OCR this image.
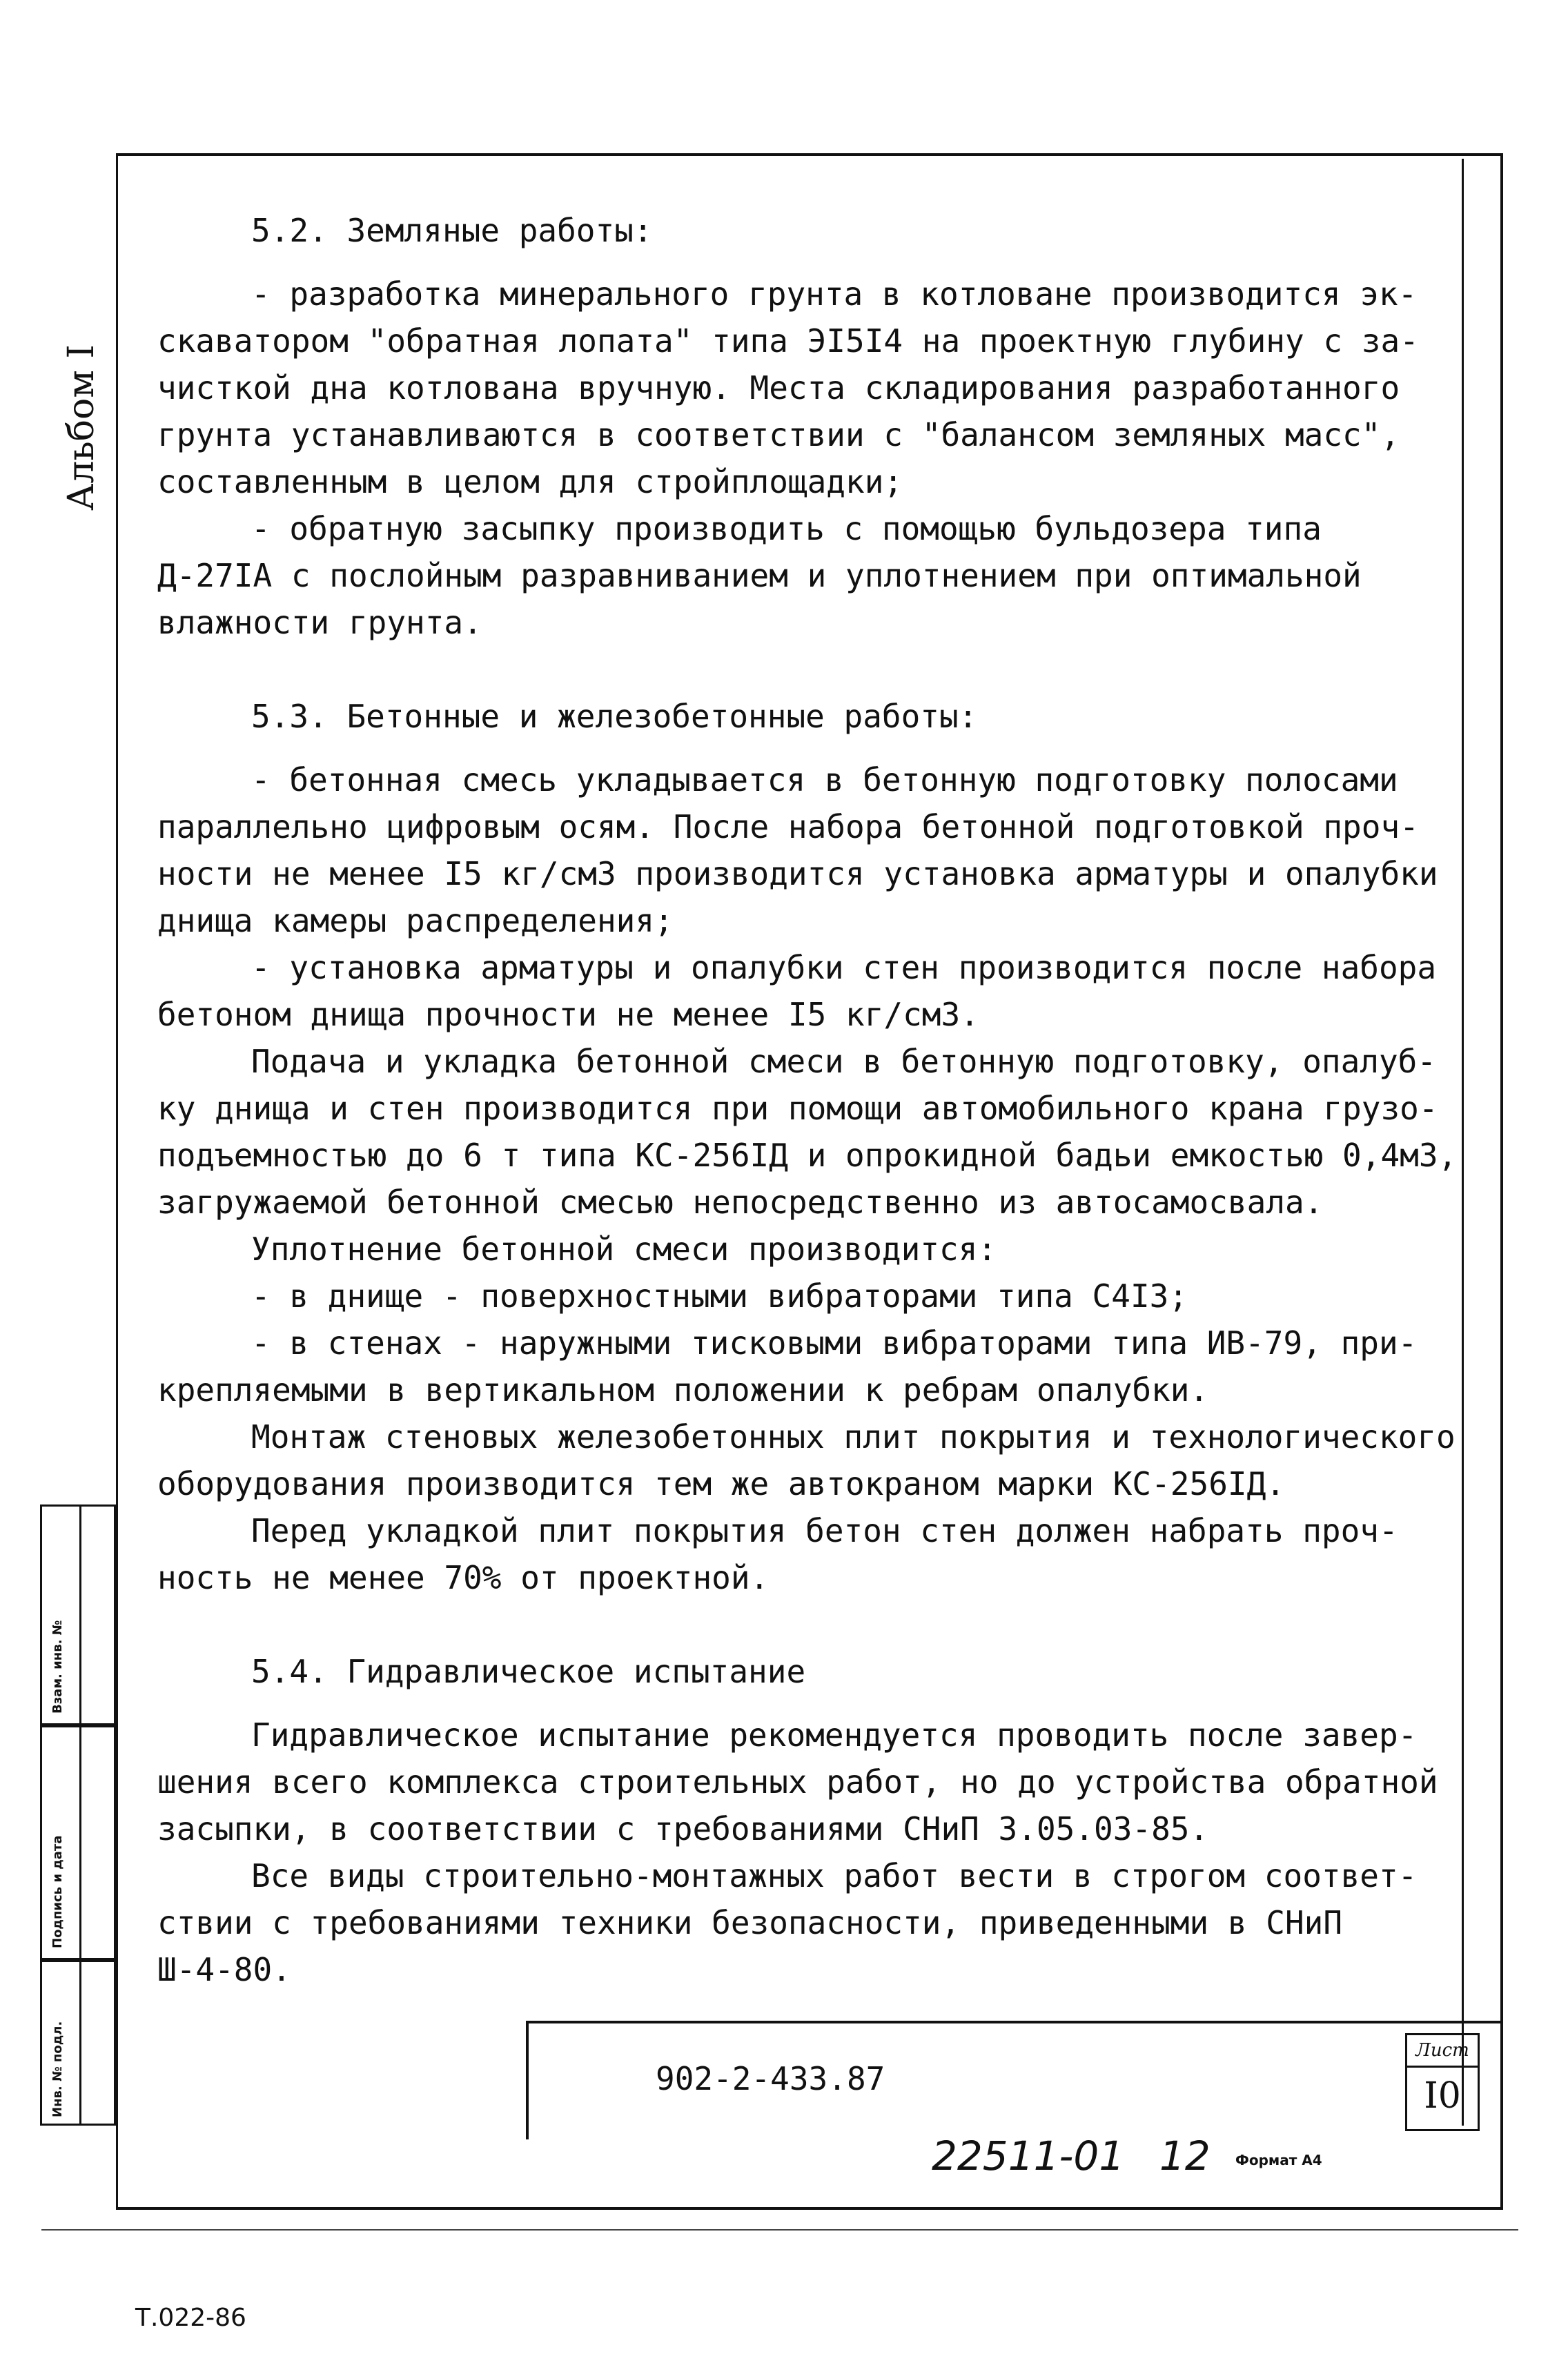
Альбом I

5.2. Земляные работы:

- разработка минерального грунта в котловане производится эк-

скаватором "обратная лопата" типа ЭI5I4 на проектную глубину с за-

чисткой дна котлована вручную. Места складирования разработанного

грунта устанавливаются в соответствии с "балансом земляных масс",

составленным в целом для стройплощадки;

- обратную засыпку производить с помощью бульдозера типа

Д-27IA с послойным разравниванием и уплотнением при оптимальной

влажности грунта.

5.3. Бетонные и железобетонные работы:

- бетонная смесь укладывается в бетонную подготовку полосами

параллельно цифровым осям. После набора бетонной подготовкой проч-

ности не менее I5 кг/см3 производится установка арматуры и опалубки

днища камеры распределения;

- установка арматуры и опалубки стен производится после набора

бетоном днища прочности не менее I5 кг/см3.

Подача и укладка бетонной смеси в бетонную подготовку, опалуб-

ку днища и стен производится при помощи автомобильного крана грузо-

подъемностью до 6 т типа КС-256IД и опрокидной бадьи емкостью 0,4м3,

загружаемой бетонной смесью непосредственно из автосамосвала.

Уплотнение бетонной смеси производится:

- в днище - поверхностными вибраторами типа С4I3;

- в стенах - наружными тисковыми вибраторами типа ИВ-79, при-

крепляемыми в вертикальном положении к ребрам опалубки.

Монтаж стеновых железобетонных плит покрытия и технологического

оборудования производится тем же автокраном марки КС-256IД.

Перед укладкой плит покрытия бетон стен должен набрать проч-

ность не менее 70% от проектной.

5.4. Гидравлическое испытание

Гидравлическое испытание рекомендуется проводить после завер-

шения всего комплекса строительных работ, но до устройства обратной

засыпки, в соответствии с требованиями СНиП 3.05.03-85.

Все виды строительно-монтажных работ вести в строгом соответ-

ствии с требованиями техники безопасности, приведенными в СНиП

Ш-4-80.

Взам. инв. №
Подпись и дата
Инв. № подл.	902-2-433.87
Лист
I0
22511-01 12 Формат А4
Т.022-86
